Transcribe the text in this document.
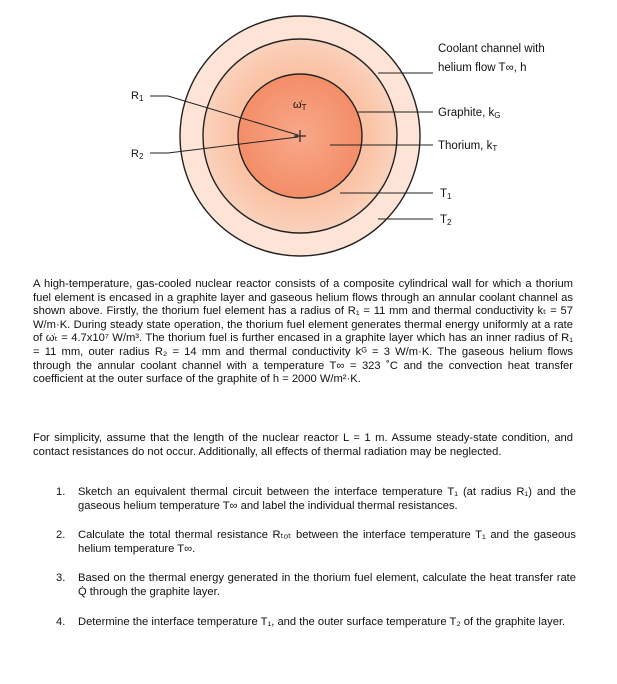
ω̇T
R1
R2
Coolant channel with helium flow T∞, h
Graphite, kG
Thorium, kT
T1
T2

A high-temperature, gas-cooled nuclear reactor consists of a composite cylindrical wall for which a thorium fuel element is encased in a graphite layer and gaseous helium flows through an annular coolant channel as shown above. Firstly, the thorium fuel element has a radius of R₁ = 11 mm and thermal conductivity kₜ = 57 W/m·K. During steady state operation, the thorium fuel element generates thermal energy uniformly at a rate of ω̇ₜ = 4.7x10⁷ W/m³. The thorium fuel is further encased in a graphite layer which has an inner radius of R₁ = 11 mm, outer radius R₂ = 14 mm and thermal conductivity kᴳ = 3 W/m·K. The gaseous helium flows through the annular coolant channel with a temperature T∞ = 323 ˚C and the convection heat transfer coefficient at the outer surface of the graphite of h = 2000 W/m²·K.

For simplicity, assume that the length of the nuclear reactor L = 1 m. Assume steady-state condition, and contact resistances do not occur. Additionally, all effects of thermal radiation may be neglected.

1. Sketch an equivalent thermal circuit between the interface temperature T₁ (at radius R₁) and the gaseous helium temperature T∞ and label the individual thermal resistances.
2. Calculate the total thermal resistance Rₜₒₜ between the interface temperature T₁ and the gaseous helium temperature T∞.
3. Based on the thermal energy generated in the thorium fuel element, calculate the heat transfer rate Q̇ through the graphite layer.
4. Determine the interface temperature T₁, and the outer surface temperature T₂ of the graphite layer.
